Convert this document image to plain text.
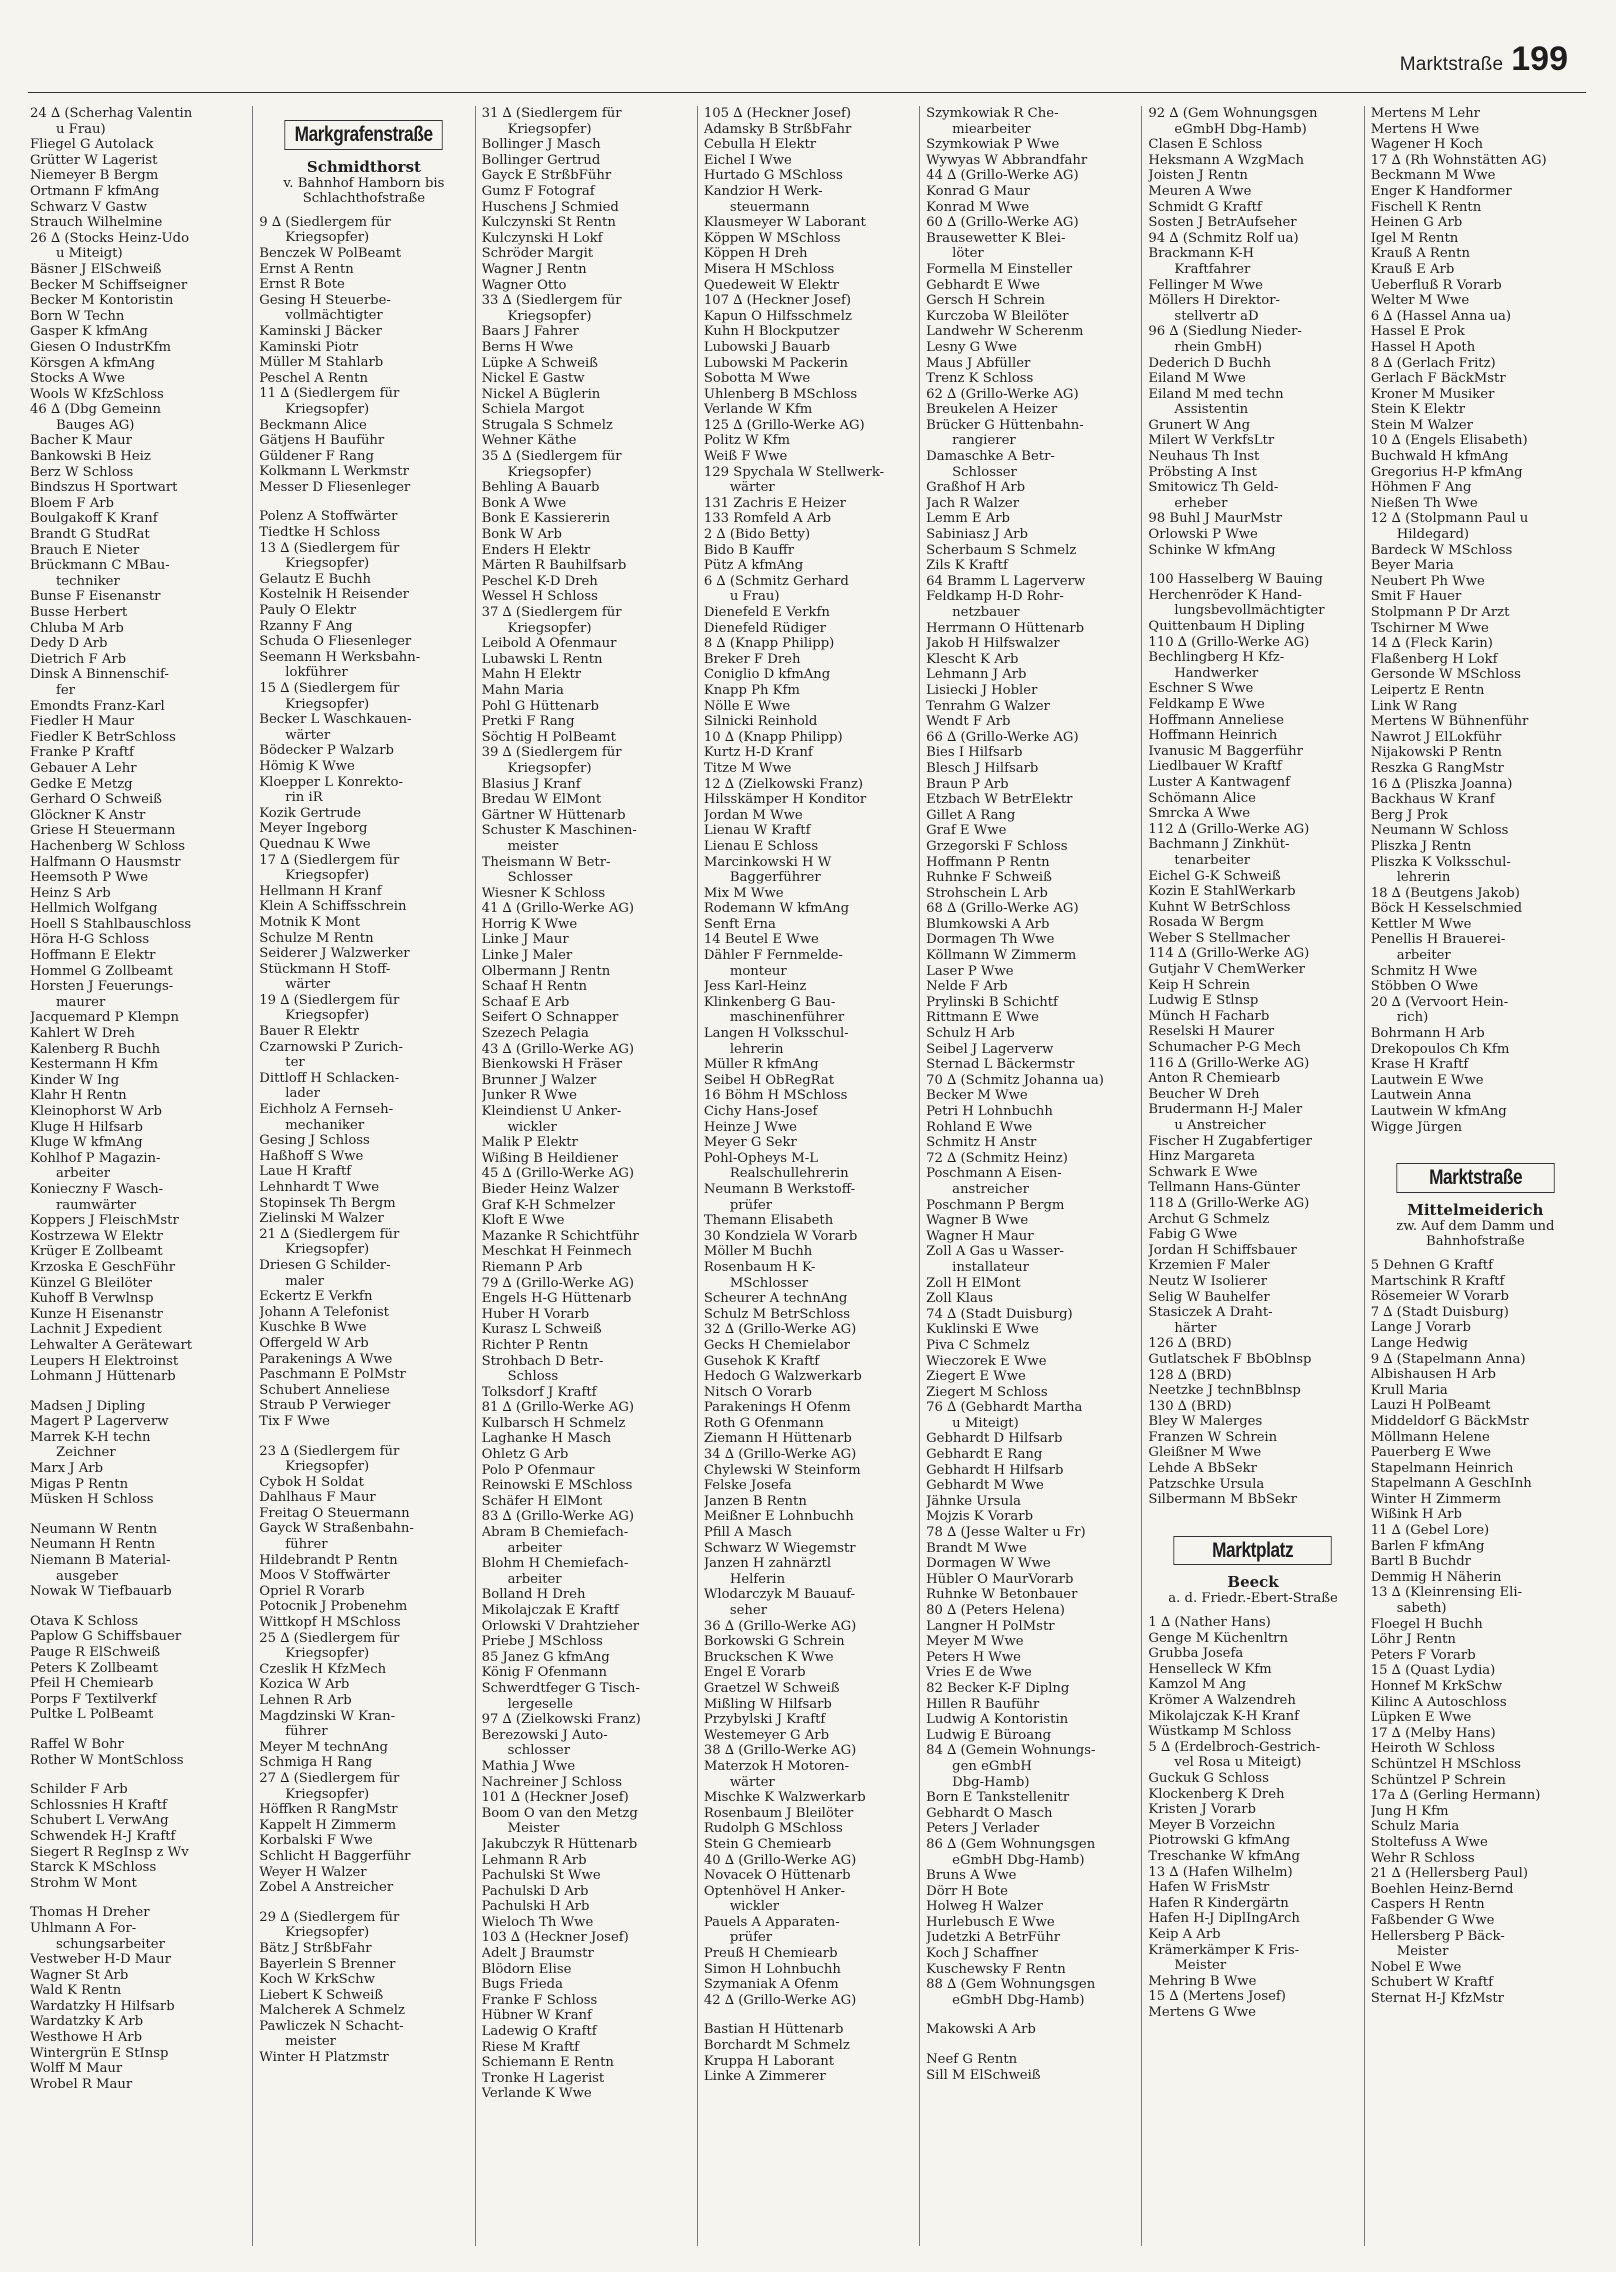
Marktstraße 199
24 ∆ (Scherhag Valentin
u Frau)
Fliegel G Autolack
Grütter W Lagerist
Niemeyer B Bergm
Ortmann F kfmAng
Schwarz V Gastw
Strauch Wilhelmine
26 ∆ (Stocks Heinz-Udo
u Miteigt)
Bäsner J ElSchweiß
Becker M Schiffseigner
Becker M Kontoristin
Born W Techn
Gasper K kfmAng
Giesen O IndustrKfm
Körsgen A kfmAng
Stocks A Wwe
Wools W KfzSchloss
46 ∆ (Dbg Gemeinn
Bauges AG)
Bacher K Maur
Bankowski B Heiz
Berz W Schloss
Bindszus H Sportwart
Bloem F Arb
Boulgakoff K Kranf
Brandt G StudRat
Brauch E Nieter
Brückmann C MBau-
techniker
Bunse F Eisenanstr
Busse Herbert
Chluba M Arb
Dedy D Arb
Dietrich F Arb
Dinsk A Binnenschif-
fer
Emondts Franz-Karl
Fiedler H Maur
Fiedler K BetrSchloss
Franke P Kraftf
Gebauer A Lehr
Gedke E Metzg
Gerhard O Schweiß
Glöckner K Anstr
Griese H Steuermann
Hachenberg W Schloss
Halfmann O Hausmstr
Heemsoth P Wwe
Heinz S Arb
Hellmich Wolfgang
Hoell S Stahlbauschloss
Höra H-G Schloss
Hoffmann E Elektr
Hommel G Zollbeamt
Horsten J Feuerungs-
maurer
Jacquemard P Klempn
Kahlert W Dreh
Kalenberg R Buchh
Kestermann H Kfm
Kinder W Ing
Klahr H Rentn
Kleinophorst W Arb
Kluge H Hilfsarb
Kluge W kfmAng
Kohlhof P Magazin-
arbeiter
Konieczny F Wasch-
raumwärter
Koppers J FleischMstr
Kostrzewa W Elektr
Krüger E Zollbeamt
Krzoska E GeschFühr
Künzel G Bleilöter
Kuhoff B Verwlnsp
Kunze H Eisenanstr
Lachnit J Expedient
Lehwalter A Gerätewart
Leupers H Elektroinst
Lohmann J Hüttenarb
Madsen J Dipling
Magert P Lagerverw
Marrek K-H techn
Zeichner
Marx J Arb
Migas P Rentn
Müsken H Schloss
Neumann W Rentn
Neumann H Rentn
Niemann B Material-
ausgeber
Nowak W Tiefbauarb
Otava K Schloss
Paplow G Schiffsbauer
Pauge R ElSchweiß
Peters K Zollbeamt
Pfeil H Chemiearb
Porps F Textilverkf
Pultke L PolBeamt
Raffel W Bohr
Rother W MontSchloss
Schilder F Arb
Schlossnies H Kraftf
Schubert L VerwAng
Schwendek H-J Kraftf
Siegert R RegInsp z Wv
Starck K MSchloss
Strohm W Mont
Thomas H Dreher
Uhlmann A For-
schungsarbeiter
Vestweber H-D Maur
Wagner St Arb
Wald K Rentn
Wardatzky H Hilfsarb
Wardatzky K Arb
Westhowe H Arb
Wintergrün E StInsp
Wolff M Maur
Wrobel R Maur
Markgrafenstraße
Schmidthorst
v. Bahnhof Hamborn bis Schlachthofstraße
9 ∆ (Siedlergem für
Kriegsopfer)
Benczek W PolBeamt
Ernst A Rentn
Ernst R Bote
Gesing H Steuerbe-
vollmächtigter
Kaminski J Bäcker
Kaminski Piotr
Müller M Stahlarb
Peschel A Rentn
11 ∆ (Siedlergem für
Kriegsopfer)
Beckmann Alice
Gätjens H Bauführ
Güldener F Rang
Kolkmann L Werkmstr
Messer D Fliesenleger
Polenz A Stoffwärter
Tiedtke H Schloss
13 ∆ (Siedlergem für
Kriegsopfer)
Gelautz E Buchh
Kostelnik H Reisender
Pauly O Elektr
Rzanny F Ang
Schuda O Fliesenleger
Seemann H Werksbahn-
lokführer
15 ∆ (Siedlergem für
Kriegsopfer)
Becker L Waschkauen-
wärter
Bödecker P Walzarb
Hömig K Wwe
Kloepper L Konrekto-
rin iR
Kozik Gertrude
Meyer Ingeborg
Quednau K Wwe
17 ∆ (Siedlergem für
Kriegsopfer)
Hellmann H Kranf
Klein A Schiffsschrein
Motnik K Mont
Schulze M Rentn
Seiderer J Walzwerker
Stückmann H Stoff-
wärter
19 ∆ (Siedlergem für
Kriegsopfer)
Bauer R Elektr
Czarnowski P Zurich-
ter
Dittloff H Schlacken-
lader
Eichholz A Fernseh-
mechaniker
Gesing J Schloss
Haßhoff S Wwe
Laue H Kraftf
Lehnhardt T Wwe
Stopinsek Th Bergm
Zielinski M Walzer
21 ∆ (Siedlergem für
Kriegsopfer)
Driesen G Schilder-
maler
Eckertz E Verkfn
Johann A Telefonist
Kuschke B Wwe
Offergeld W Arb
Parakenings A Wwe
Paschmann E PolMstr
Schubert Anneliese
Straub P Verwieger
Tix F Wwe
23 ∆ (Siedlergem für
Kriegsopfer)
Cybok H Soldat
Dahlhaus F Maur
Freitag O Steuermann
Gayck W Straßenbahn-
führer
Hildebrandt P Rentn
Moos V Stoffwärter
Opriel R Vorarb
Potocnik J Probenehm
Wittkopf H MSchloss
25 ∆ (Siedlergem für
Kriegsopfer)
Czeslik H KfzMech
Kozica W Arb
Lehnen R Arb
Magdzinski W Kran-
führer
Meyer M technAng
Schmiga H Rang
27 ∆ (Siedlergem für
Kriegsopfer)
Höffken R RangMstr
Kappelt H Zimmerm
Korbalski F Wwe
Schlicht H Baggerführ
Weyer H Walzer
Zobel A Anstreicher
29 ∆ (Siedlergem für
Kriegsopfer)
Bätz J StrßbFahr
Bayerlein S Brenner
Koch W KrkSchw
Liebert K Schweiß
Malcherek A Schmelz
Pawliczek N Schacht-
meister
Winter H Platzmstr
31 ∆ (Siedlergem für
Kriegsopfer)
Bollinger J Masch
Bollinger Gertrud
Gayck E StrßbFühr
Gumz F Fotograf
Huschens J Schmied
Kulczynski St Rentn
Kulczynski H Lokf
Schröder Margit
Wagner J Rentn
Wagner Otto
33 ∆ (Siedlergem für
Kriegsopfer)
Baars J Fahrer
Berns H Wwe
Lüpke A Schweiß
Nickel E Gastw
Nickel A Büglerin
Schiela Margot
Strugala S Schmelz
Wehner Käthe
35 ∆ (Siedlergem für
Kriegsopfer)
Behling A Bauarb
Bonk A Wwe
Bonk E Kassiererin
Bonk W Arb
Enders H Elektr
Märten R Bauhilfsarb
Peschel K-D Dreh
Wessel H Schloss
37 ∆ (Siedlergem für
Kriegsopfer)
Leibold A Ofenmaur
Lubawski L Rentn
Mahn H Elektr
Mahn Maria
Pohl G Hüttenarb
Pretki F Rang
Söchtig H PolBeamt
39 ∆ (Siedlergem für
Kriegsopfer)
Blasius J Kranf
Bredau W ElMont
Gärtner W Hüttenarb
Schuster K Maschinen-
meister
Theismann W Betr-
Schlosser
Wiesner K Schloss
41 ∆ (Grillo-Werke AG)
Horrig K Wwe
Linke J Maur
Linke J Maler
Olbermann J Rentn
Schaaf H Rentn
Schaaf E Arb
Seifert O Schnapper
Szezech Pelagia
43 ∆ (Grillo-Werke AG)
Bienkowski H Fräser
Brunner J Walzer
Junker R Wwe
Kleindienst U Anker-
wickler
Malik P Elektr
Wißing B Heildiener
45 ∆ (Grillo-Werke AG)
Bieder Heinz Walzer
Graf K-H Schmelzer
Kloft E Wwe
Mazanke R Schichtführ
Meschkat H Feinmech
Riemann P Arb
79 ∆ (Grillo-Werke AG)
Engels H-G Hüttenarb
Huber H Vorarb
Kurasz L Schweiß
Richter P Rentn
Strohbach D Betr-
Schloss
Tolksdorf J Kraftf
81 ∆ (Grillo-Werke AG)
Kulbarsch H Schmelz
Laghanke H Masch
Ohletz G Arb
Polo P Ofenmaur
Reinowski E MSchloss
Schäfer H ElMont
83 ∆ (Grillo-Werke AG)
Abram B Chemiefach-
arbeiter
Blohm H Chemiefach-
arbeiter
Bolland H Dreh
Mikolajczak E Kraftf
Orlowski V Drahtzieher
Priebe J MSchloss
85 Janez G kfmAng
König F Ofenmann
Schwerdtfeger G Tisch-
lergeselle
97 ∆ (Zielkowski Franz)
Berezowski J Auto-
schlosser
Mathia J Wwe
Nachreiner J Schloss
101 ∆ (Heckner Josef)
Boom O van den Metzg
Meister
Jakubczyk R Hüttenarb
Lehmann R Arb
Pachulski St Wwe
Pachulski D Arb
Pachulski H Arb
Wieloch Th Wwe
103 ∆ (Heckner Josef)
Adelt J Braumstr
Blödorn Elise
Bugs Frieda
Franke F Schloss
Hübner W Kranf
Ladewig O Kraftf
Riese M Kraftf
Schiemann E Rentn
Tronke H Lagerist
Verlande K Wwe
105 ∆ (Heckner Josef)
Adamsky B StrßbFahr
Cebulla H Elektr
Eichel I Wwe
Hurtado G MSchloss
Kandzior H Werk-
steuermann
Klausmeyer W Laborant
Köppen W MSchloss
Köppen H Dreh
Misera H MSchloss
Quedeweit W Elektr
107 ∆ (Heckner Josef)
Kapun O Hilfsschmelz
Kuhn H Blockputzer
Lubowski J Bauarb
Lubowski M Packerin
Sobotta M Wwe
Uhlenberg B MSchloss
Verlande W Kfm
125 ∆ (Grillo-Werke AG)
Politz W Kfm
Weiß F Wwe
129 Spychala W Stellwerk-
wärter
131 Zachris E Heizer
133 Romfeld A Arb
2 ∆ (Bido Betty)
Bido B Kauffr
Pütz A kfmAng
6 ∆ (Schmitz Gerhard
u Frau)
Dienefeld E Verkfn
Dienefeld Rüdiger
8 ∆ (Knapp Philipp)
Breker F Dreh
Coniglio D kfmAng
Knapp Ph Kfm
Nölle E Wwe
Silnicki Reinhold
10 ∆ (Knapp Philipp)
Kurtz H-D Kranf
Titze M Wwe
12 ∆ (Zielkowski Franz)
Hilsskämper H Konditor
Jordan M Wwe
Lienau W Kraftf
Lienau E Schloss
Marcinkowski H W
Baggerführer
Mix M Wwe
Rodemann W kfmAng
Senft Erna
14 Beutel E Wwe
Dähler F Fernmelde-
monteur
Jess Karl-Heinz
Klinkenberg G Bau-
maschinenführer
Langen H Volksschul-
lehrerin
Müller R kfmAng
Seibel H ObRegRat
16 Böhm H MSchloss
Cichy Hans-Josef
Heinze J Wwe
Meyer G Sekr
Pohl-Opheys M-L
Realschullehrerin
Neumann B Werkstoff-
prüfer
Themann Elisabeth
30 Kondziela W Vorarb
Möller M Buchh
Rosenbaum H K-
MSchlosser
Scheurer A technAng
Schulz M BetrSchloss
32 ∆ (Grillo-Werke AG)
Gecks H Chemielabor
Gusehok K Kraftf
Hedoch G Walzwerkarb
Nitsch O Vorarb
Parakenings H Ofenm
Roth G Ofenmann
Ziemann H Hüttenarb
34 ∆ (Grillo-Werke AG)
Chylewski W Steinform
Felske Josefa
Janzen B Rentn
Meißner E Lohnbuchh
Pfill A Masch
Schwarz W Wiegemstr
Janzen H zahnärztl
Helferin
Wlodarczyk M Bauauf-
seher
36 ∆ (Grillo-Werke AG)
Borkowski G Schrein
Bruckschen K Wwe
Engel E Vorarb
Graetzel W Schweiß
Mißling W Hilfsarb
Przybylski J Kraftf
Westemeyer G Arb
38 ∆ (Grillo-Werke AG)
Materzok H Motoren-
wärter
Mischke K Walzwerkarb
Rosenbaum J Bleilöter
Rudolph G MSchloss
Stein G Chemiearb
40 ∆ (Grillo-Werke AG)
Novacek O Hüttenarb
Optenhövel H Anker-
wickler
Pauels A Apparaten-
prüfer
Preuß H Chemiearb
Simon H Lohnbuchh
Szymaniak A Ofenm
42 ∆ (Grillo-Werke AG)
Bastian H Hüttenarb
Borchardt M Schmelz
Kruppa H Laborant
Linke A Zimmerer
Szymkowiak R Che-
miearbeiter
Szymkowiak P Wwe
Wywyas W Abbrandfahr
44 ∆ (Grillo-Werke AG)
Konrad G Maur
Konrad M Wwe
60 ∆ (Grillo-Werke AG)
Brausewetter K Blei-
löter
Formella M Einsteller
Gebhardt E Wwe
Gersch H Schrein
Kurczoba W Bleilöter
Landwehr W Scherenm
Lesny G Wwe
Maus J Abfüller
Trenz K Schloss
62 ∆ (Grillo-Werke AG)
Breukelen A Heizer
Brücker G Hüttenbahn-
rangierer
Damaschke A Betr-
Schlosser
Graßhof H Arb
Jach R Walzer
Lemm E Arb
Sabiniasz J Arb
Scherbaum S Schmelz
Zils K Kraftf
64 Bramm L Lagerverw
Feldkamp H-D Rohr-
netzbauer
Herrmann O Hüttenarb
Jakob H Hilfswalzer
Klescht K Arb
Lehmann J Arb
Lisiecki J Hobler
Tenrahm G Walzer
Wendt F Arb
66 ∆ (Grillo-Werke AG)
Bies I Hilfsarb
Blesch J Hilfsarb
Braun P Arb
Etzbach W BetrElektr
Gillet A Rang
Graf E Wwe
Grzegorski F Schloss
Hoffmann P Rentn
Ruhnke F Schweiß
Strohschein L Arb
68 ∆ (Grillo-Werke AG)
Blumkowski A Arb
Dormagen Th Wwe
Köllmann W Zimmerm
Laser P Wwe
Nelde F Arb
Prylinski B Schichtf
Rittmann E Wwe
Schulz H Arb
Seibel J Lagerverw
Sternad L Bäckermstr
70 ∆ (Schmitz Johanna ua)
Becker M Wwe
Petri H Lohnbuchh
Rohland E Wwe
Schmitz H Anstr
72 ∆ (Schmitz Heinz)
Poschmann A Eisen-
anstreicher
Poschmann P Bergm
Wagner B Wwe
Wagner H Maur
Zoll A Gas u Wasser-
installateur
Zoll H ElMont
Zoll Klaus
74 ∆ (Stadt Duisburg)
Kuklinski E Wwe
Piva C Schmelz
Wieczorek E Wwe
Ziegert E Wwe
Ziegert M Schloss
76 ∆ (Gebhardt Martha
u Miteigt)
Gebhardt D Hilfsarb
Gebhardt E Rang
Gebhardt H Hilfsarb
Gebhardt M Wwe
Jähnke Ursula
Mojzis K Vorarb
78 ∆ (Jesse Walter u Fr)
Brandt M Wwe
Dormagen W Wwe
Hübler O MaurVorarb
Ruhnke W Betonbauer
80 ∆ (Peters Helena)
Langner H PolMstr
Meyer M Wwe
Peters H Wwe
Vries E de Wwe
82 Becker K-F Diplng
Hillen R Bauführ
Ludwig A Kontoristin
Ludwig E Büroang
84 ∆ (Gemein Wohnungs-
gen eGmbH
Dbg-Hamb)
Born E Tankstellenitr
Gebhardt O Masch
Peters J Verlader
86 ∆ (Gem Wohnungsgen
eGmbH Dbg-Hamb)
Bruns A Wwe
Dörr H Bote
Holweg H Walzer
Hurlebusch E Wwe
Judetzki A BetrFühr
Koch J Schaffner
Kuschewsky F Rentn
88 ∆ (Gem Wohnungsgen
eGmbH Dbg-Hamb)
Makowski A Arb
Neef G Rentn
Sill M ElSchweiß
92 ∆ (Gem Wohnungsgen
eGmbH Dbg-Hamb)
Clasen E Schloss
Heksmann A WzgMach
Joisten J Rentn
Meuren A Wwe
Schmidt G Kraftf
Sosten J BetrAufseher
94 ∆ (Schmitz Rolf ua)
Brackmann K-H
Kraftfahrer
Fellinger M Wwe
Möllers H Direktor-
stellvertr aD
96 ∆ (Siedlung Nieder-
rhein GmbH)
Dederich D Buchh
Eiland M Wwe
Eiland M med techn
Assistentin
Grunert W Ang
Milert W VerkfsLtr
Neuhaus Th Inst
Pröbsting A Inst
Smitowicz Th Geld-
erheber
98 Buhl J MaurMstr
Orlowski P Wwe
Schinke W kfmAng
100 Hasselberg W Bauing
Herchenröder K Hand-
lungsbevollmächtigter
Quittenbaum H Dipling
110 ∆ (Grillo-Werke AG)
Bechlingberg H Kfz-
Handwerker
Eschner S Wwe
Feldkamp E Wwe
Hoffmann Anneliese
Hoffmann Heinrich
Ivanusic M Baggerführ
Liedlbauer W Kraftf
Luster A Kantwagenf
Schömann Alice
Smrcka A Wwe
112 ∆ (Grillo-Werke AG)
Bachmann J Zinkhüt-
tenarbeiter
Eichel G-K Schweiß
Kozin E StahlWerkarb
Kuhnt W BetrSchloss
Rosada W Bergm
Weber S Stellmacher
114 ∆ (Grillo-Werke AG)
Gutjahr V ChemWerker
Keip H Schrein
Ludwig E Stlnsp
Münch H Facharb
Reselski H Maurer
Schumacher P-G Mech
116 ∆ (Grillo-Werke AG)
Anton R Chemiearb
Beucher W Dreh
Brudermann H-J Maler
u Anstreicher
Fischer H Zugabfertiger
Hinz Margareta
Schwark E Wwe
Tellmann Hans-Günter
118 ∆ (Grillo-Werke AG)
Archut G Schmelz
Fabig G Wwe
Jordan H Schiffsbauer
Krzemien F Maler
Neutz W Isolierer
Selig W Bauhelfer
Stasiczek A Draht-
härter
126 ∆ (BRD)
Gutlatschek F BbOblnsp
128 ∆ (BRD)
Neetzke J technBblnsp
130 ∆ (BRD)
Bley W Malerges
Franzen W Schrein
Gleißner M Wwe
Lehde A BbSekr
Patzschke Ursula
Silbermann M BbSekr
Marktplatz
Beeck
a. d. Friedr.-Ebert-Straße
1 ∆ (Nather Hans)
Genge M Küchenltrn
Grubba Josefa
Henselleck W Kfm
Kamzol M Ang
Krömer A Walzendreh
Mikolajczak K-H Kranf
Wüstkamp M Schloss
5 ∆ (Erdelbroch-Gestrich-
vel Rosa u Miteigt)
Guckuk G Schloss
Klockenberg K Dreh
Kristen J Vorarb
Meyer B Vorzeichn
Piotrowski G kfmAng
Treschanke W kfmAng
13 ∆ (Hafen Wilhelm)
Hafen W FrisMstr
Hafen R Kindergärtn
Hafen H-J DiplIngArch
Keip A Arb
Krämerkämper K Fris-
Meister
Mehring B Wwe
15 ∆ (Mertens Josef)
Mertens G Wwe
Mertens M Lehr
Mertens H Wwe
Wagener H Koch
17 ∆ (Rh Wohnstätten AG)
Beckmann M Wwe
Enger K Handformer
Fischell K Rentn
Heinen G Arb
Igel M Rentn
Krauß A Rentn
Krauß E Arb
Ueberfluß R Vorarb
Welter M Wwe
6 ∆ (Hassel Anna ua)
Hassel E Prok
Hassel H Apoth
8 ∆ (Gerlach Fritz)
Gerlach F BäckMstr
Kroner M Musiker
Stein K Elektr
Stein M Walzer
10 ∆ (Engels Elisabeth)
Buchwald H kfmAng
Gregorius H-P kfmAng
Höhmen F Ang
Nießen Th Wwe
12 ∆ (Stolpmann Paul u
Hildegard)
Bardeck W MSchloss
Beyer Maria
Neubert Ph Wwe
Smit F Hauer
Stolpmann P Dr Arzt
Tschirner M Wwe
14 ∆ (Fleck Karin)
Flaßenberg H Lokf
Gersonde W MSchloss
Leipertz E Rentn
Link W Rang
Mertens W Bühnenführ
Nawrot J ElLokführ
Nijakowski P Rentn
Reszka G RangMstr
16 ∆ (Pliszka Joanna)
Backhaus W Kranf
Berg J Prok
Neumann W Schloss
Pliszka J Rentn
Pliszka K Volksschul-
lehrerin
18 ∆ (Beutgens Jakob)
Böck H Kesselschmied
Kettler M Wwe
Penellis H Brauerei-
arbeiter
Schmitz H Wwe
Stöbben O Wwe
20 ∆ (Vervoort Hein-
rich)
Bohrmann H Arb
Drekopoulos Ch Kfm
Krase H Kraftf
Lautwein E Wwe
Lautwein Anna
Lautwein W kfmAng
Wigge Jürgen
Marktstraße
Mittelmeiderich
zw. Auf dem Damm und Bahnhofstraße
5 Dehnen G Kraftf
Martschink R Kraftf
Rösemeier W Vorarb
7 ∆ (Stadt Duisburg)
Lange J Vorarb
Lange Hedwig
9 ∆ (Stapelmann Anna)
Albishausen H Arb
Krull Maria
Lauzi H PolBeamt
Middeldorf G BäckMstr
Möllmann Helene
Pauerberg E Wwe
Stapelmann Heinrich
Stapelmann A GeschInh
Winter H Zimmerm
Wißink H Arb
11 ∆ (Gebel Lore)
Barlen F kfmAng
Bartl B Buchdr
Demmig H Näherin
13 ∆ (Kleinrensing Eli-
sabeth)
Floegel H Buchh
Löhr J Rentn
Peters F Vorarb
15 ∆ (Quast Lydia)
Honnef M KrkSchw
Kilinc A Autoschloss
Lüpken E Wwe
17 ∆ (Melby Hans)
Heiroth W Schloss
Schüntzel H MSchloss
Schüntzel P Schrein
17a ∆ (Gerling Hermann)
Jung H Kfm
Schulz Maria
Stoltefuss A Wwe
Wehr R Schloss
21 ∆ (Hellersberg Paul)
Boehlen Heinz-Bernd
Caspers H Rentn
Faßbender G Wwe
Hellersberg P Bäck-
Meister
Nobel E Wwe
Schubert W Kraftf
Sternat H-J KfzMstr
